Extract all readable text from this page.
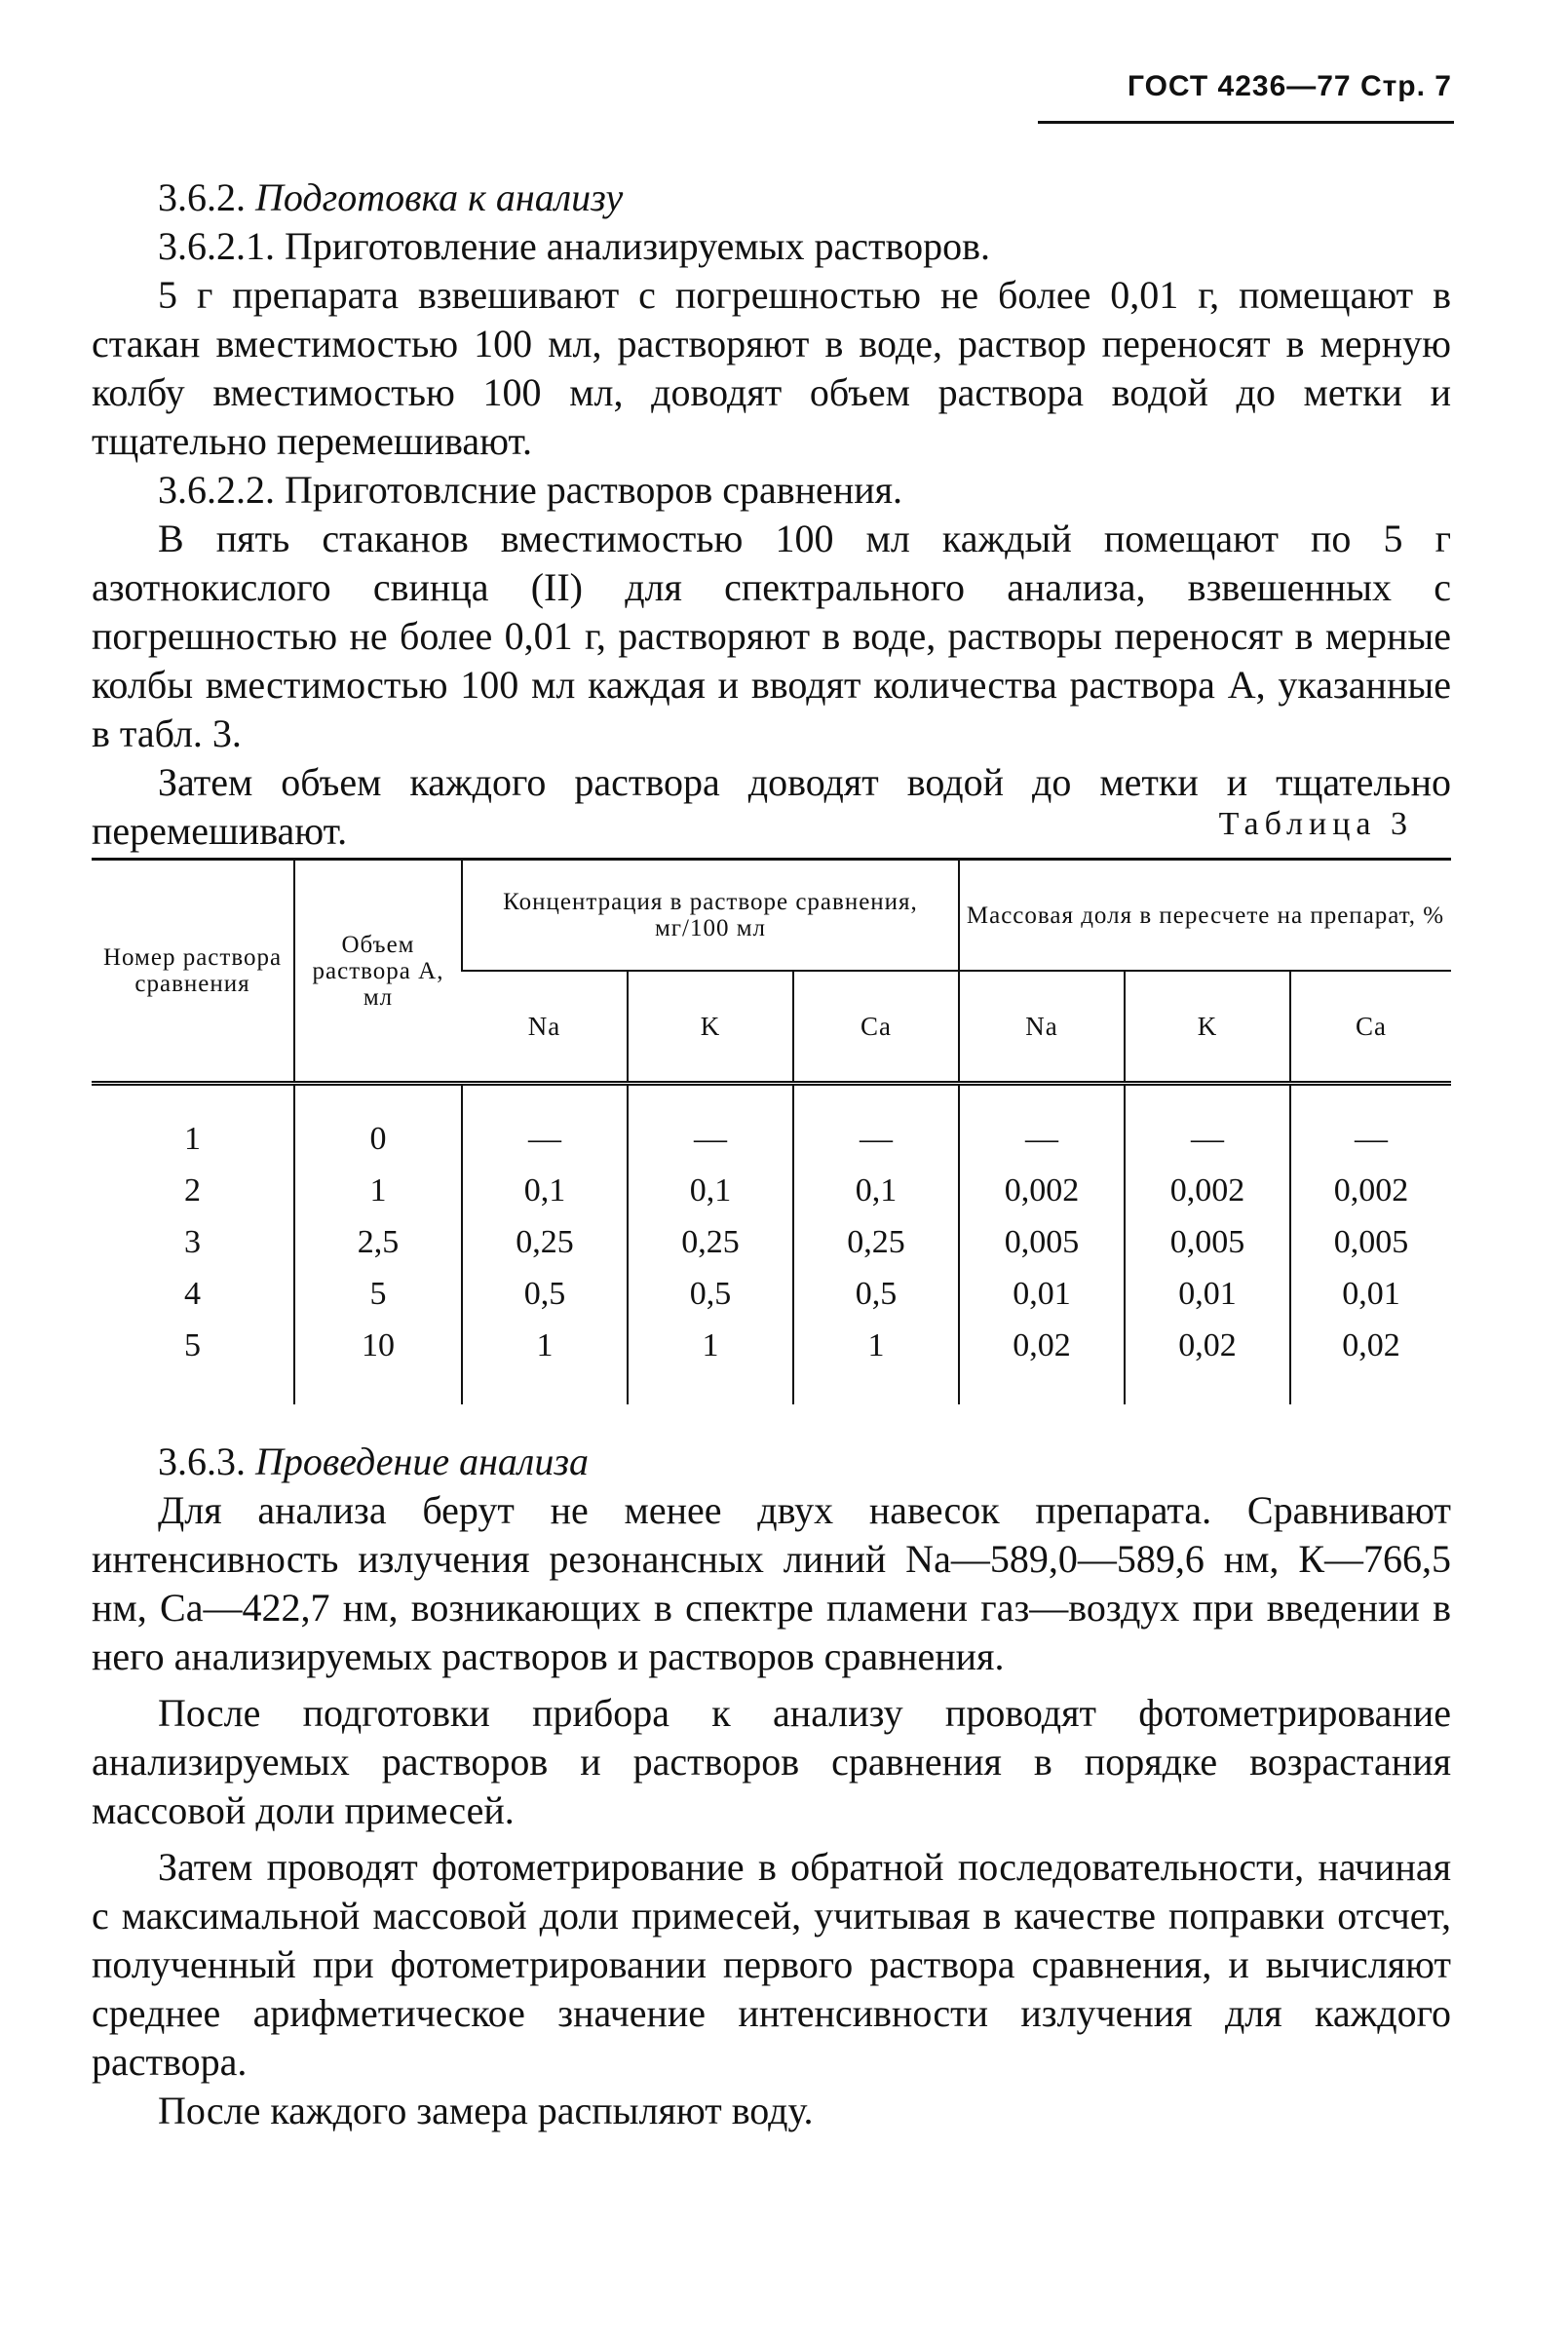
ГОСТ 4236—77 Стр. 7

3.6.2. Подготовка к анализу

3.6.2.1. Приготовление анализируемых растворов.

5 г препарата взвешивают с погрешностью не более 0,01 г, помещают в стакан вместимостью 100 мл, растворяют в воде, раствор переносят в мерную колбу вместимостью 100 мл, доводят объем раствора водой до метки и тщательно перемешивают.

3.6.2.2. Приготовлсние растворов сравнения.

В пять стаканов вместимостью 100 мл каждый помещают по 5 г азотнокислого свинца (II) для спектрального анализа, взвешенных с погрешностью не более 0,01 г, растворяют в воде, растворы переносят в мерные колбы вместимостью 100 мл каждая и вводят количества раствора А, указанные в табл. 3.

Затем объем каждого раствора доводят водой до метки и тщательно перемешивают.	Таблица 3
Номер раствора сравнения	Объем раствора А, мл	Концентрация в растворе сравнения, мг/100 мл			Массовая доля в пересчете на препарат, %		
		Na	K	Ca	Na	K	Ca
1	0	—	—	—	—	—	—
2	1	0,1	0,1	0,1	0,002	0,002	0,002
3	2,5	0,25	0,25	0,25	0,005	0,005	0,005
4	5	0,5	0,5	0,5	0,01	0,01	0,01
5	10	1	1	1	0,02	0,02	0,02

3.6.3. Проведение анализа

Для анализа берут не менее двух навесок препарата. Сравнивают интенсивность излучения резонансных линий Na—589,0—589,6 нм, К—766,5 нм, Са—422,7 нм, возникающих в спектре пламени газ—воздух при введении в него анализируемых растворов и растворов сравнения.

После подготовки прибора к анализу проводят фотометрирование анализируемых растворов и растворов сравнения в порядке возрастания массовой доли примесей.

Затем проводят фотометрирование в обратной последовательности, начиная с максимальной массовой доли примесей, учитывая в качестве поправки отсчет, полученный при фотометрировании первого раствора сравнения, и вычисляют среднее арифметическое значение интенсивности излучения для каждого раствора.

После каждого замера распыляют воду.
